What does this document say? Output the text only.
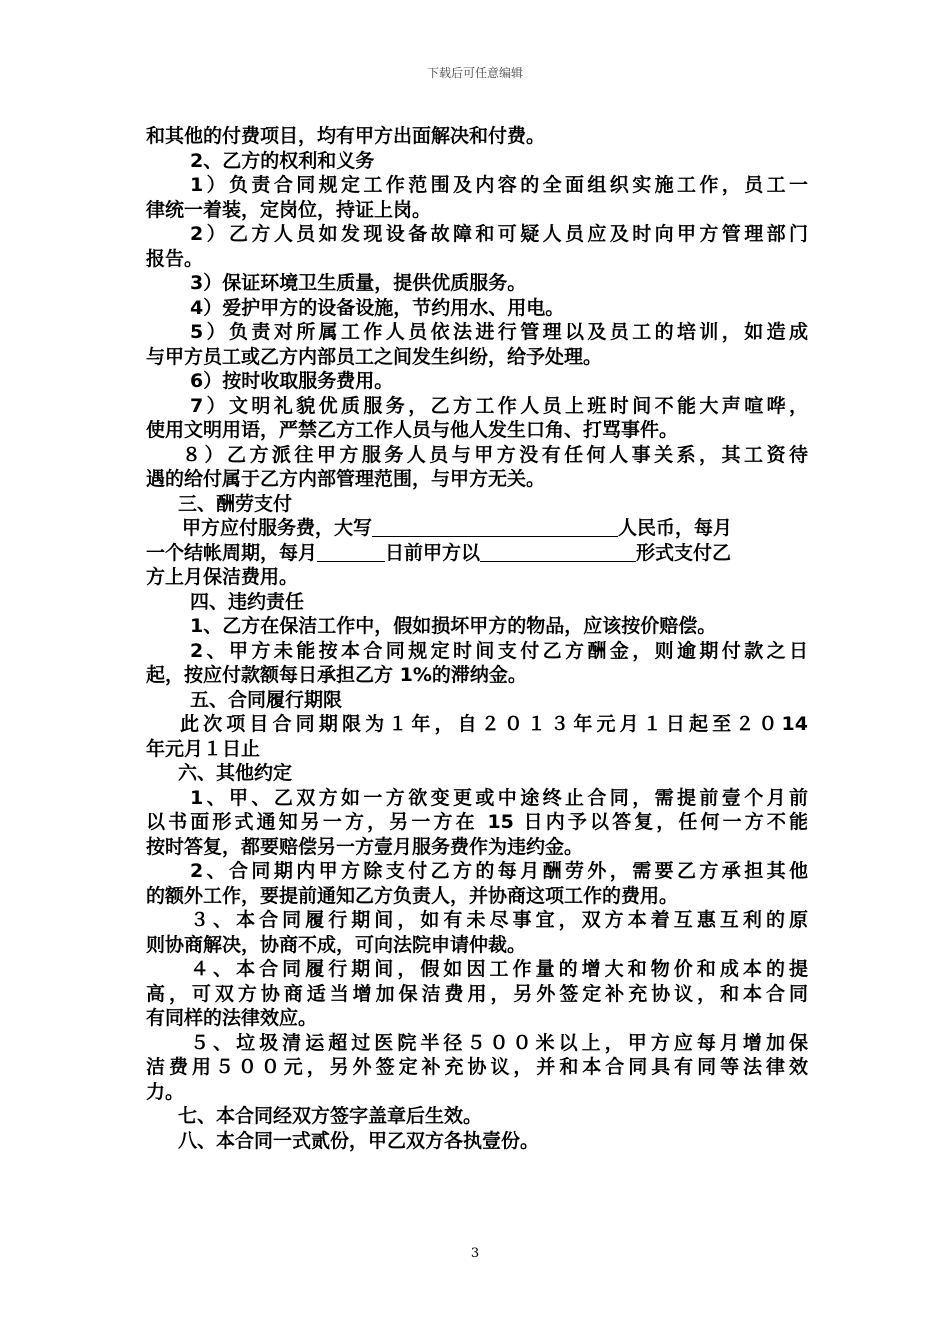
下载后可任意编辑
和其他的付费项目，均有甲方出面解决和付费。
2、乙方的权利和义务
1）负责合同规定工作范围及内容的全面组织实施工作，员工一
律统一着装，定岗位，持证上岗。
2）乙方人员如发现设备故障和可疑人员应及时向甲方管理部门
报告。
3）保证环境卫生质量，提供优质服务。
4）爱护甲方的设备设施，节约用水、用电。
5）负责对所属工作人员依法进行管理以及员工的培训，如造成
与甲方员工或乙方内部员工之间发生纠纷，给予处理。
6）按时收取服务费用。
7）文明礼貌优质服务，乙方工作人员上班时间不能大声喧哗，
使用文明用语，严禁乙方工作人员与他人发生口角、打骂事件。
８）乙方派往甲方服务人员与甲方没有任何人事关系，其工资待
遇的给付属于乙方内部管理范围，与甲方无关。
三、酬劳支付
甲方应付服务费，大写	人民币，每月
一个结帐周期，每月	日前甲方以	形式支付乙
方上月保洁费用。
四、违约责任
1、乙方在保洁工作中，假如损坏甲方的物品，应该按价赔偿。
2、甲方未能按本合同规定时间支付乙方酬金，则逾期付款之日
起，按应付款额每日承担乙方 1%的滞纳金。
五、合同履行期限
此次项目合同期限为１年，自２０１３年元月１日起至２０14
年元月１日止
六、其他约定
1、甲、乙双方如一方欲变更或中途终止合同，需提前壹个月前
以书面形式通知另一方，另一方在 15 日内予以答复，任何一方不能
按时答复，都要赔偿另一方壹月服务费作为违约金。
2、合同期内甲方除支付乙方的每月酬劳外，需要乙方承担其他
的额外工作，要提前通知乙方负责人，并协商这项工作的费用。
３、本合同履行期间，如有未尽事宜，双方本着互惠互利的原
则协商解决，协商不成，可向法院申请仲裁。
４、本合同履行期间，假如因工作量的增大和物价和成本的提
高，可双方协商适当增加保洁费用，另外签定补充协议，和本合同
有同样的法律效应。
５、垃圾清运超过医院半径５００米以上，甲方应每月增加保
洁费用５００元，另外签定补充协议，并和本合同具有同等法律效
力。
七、本合同经双方签字盖章后生效。
八、本合同一式贰份，甲乙双方各执壹份。
3
